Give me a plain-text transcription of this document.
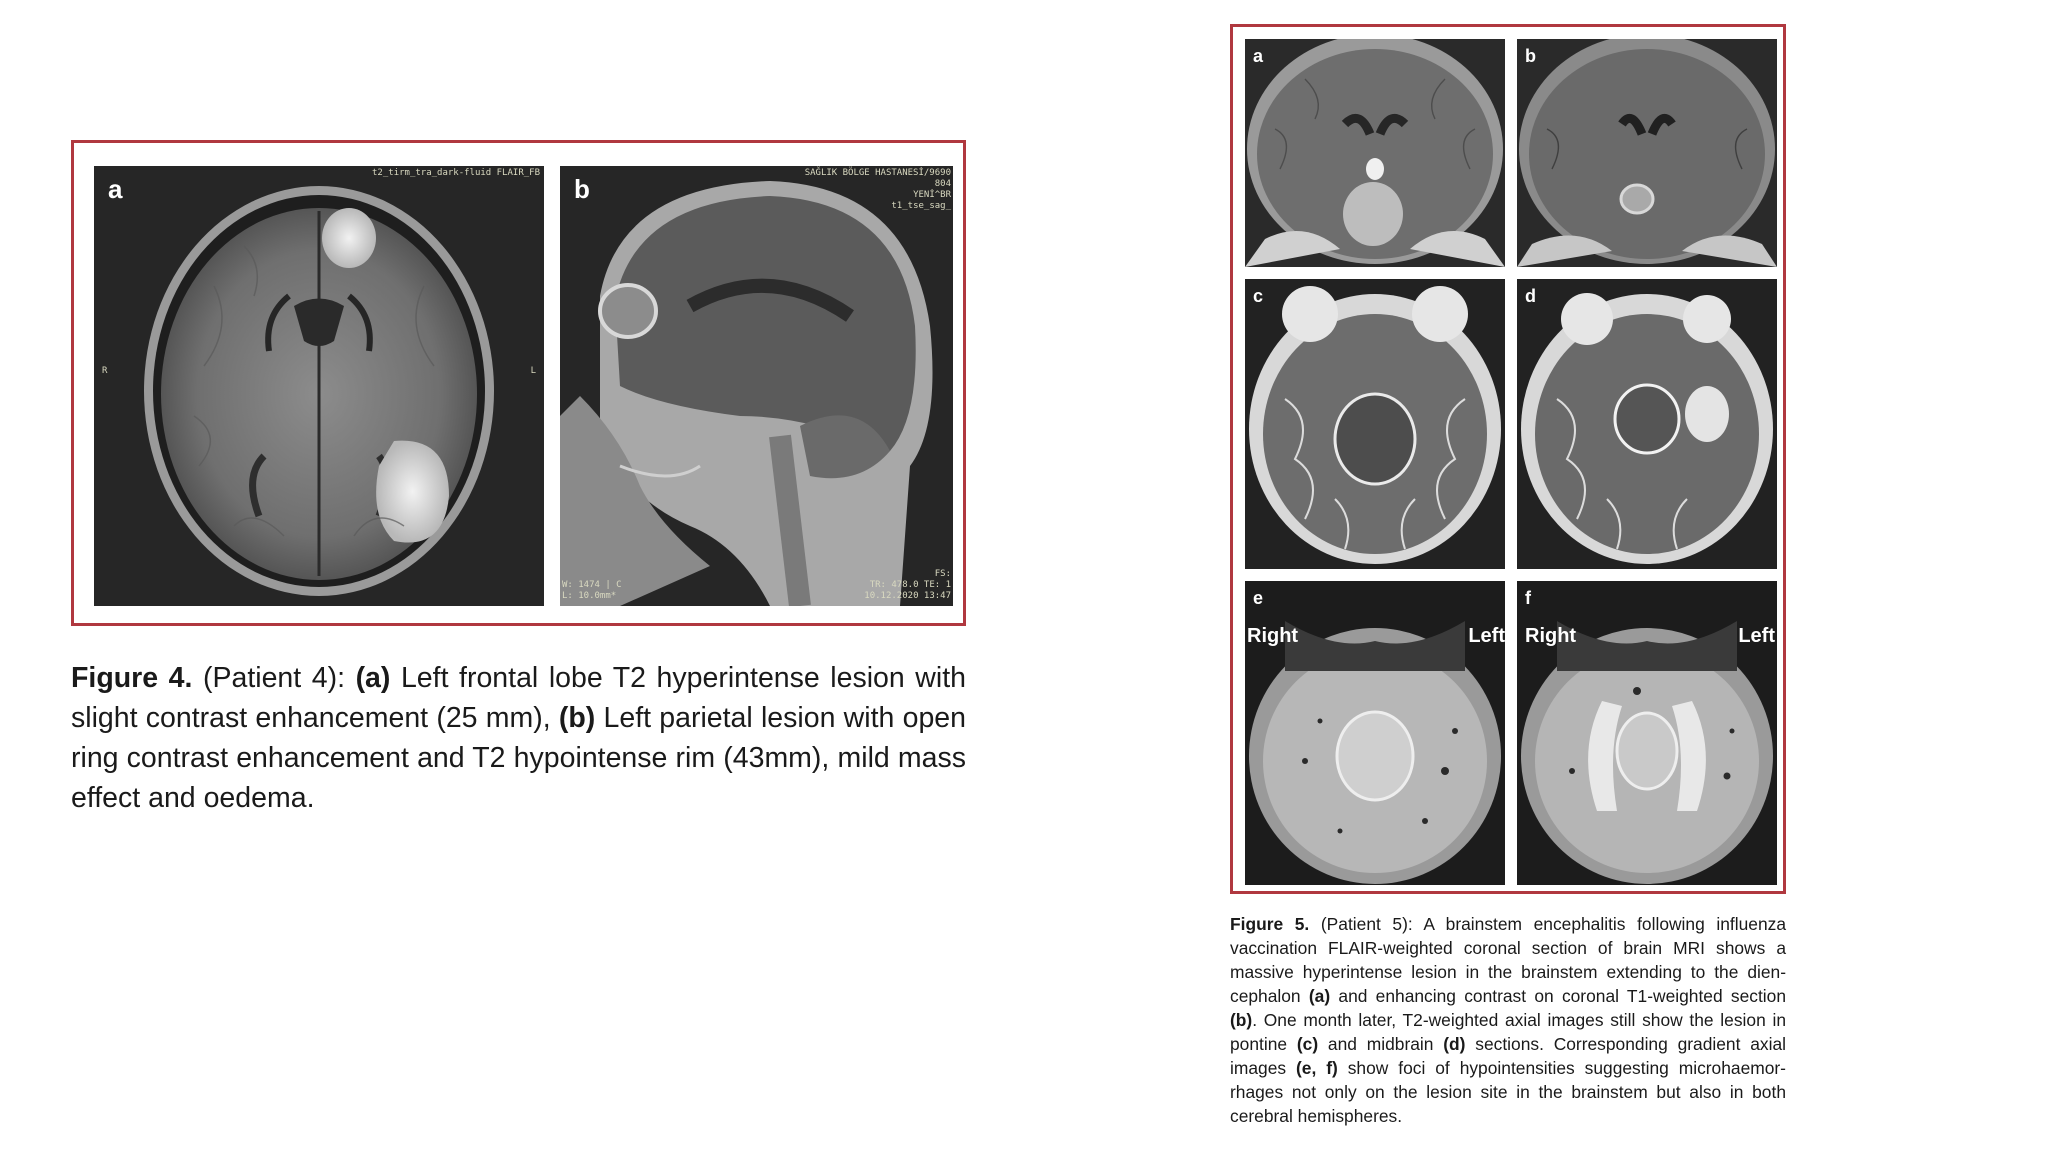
a
t2_tirm_tra_dark-fluid FLAIR_FB
R	L
b
SAĞLIK BÖLGE HASTANESİ/9690
804
YENİ^BR
t1_tse_sag_
W: 1474 | C
L: 10.0mm*
FS:
TR: 478.0 TE: 1
10.12.2020 13:47
Figure 4. (Patient 4): (a) Left frontal lobe T2 hyperintense lesion with slight contrast enhancement (25 mm), (b) Left parietal lesion with open ring contrast enhancement and T2 hypointense rim (43mm), mild mass effect and oedema.
a	b
c	d
e
Right	Left
f
Right	Left
Figure 5. (Patient 5): A brainstem encephalitis following influenza vaccination FLAIR-weighted coronal section of brain MRI shows a massive hyperintense lesion in the brainstem extending to the dien-cephalon (a) and enhancing contrast on coronal T1-weighted section (b). One month later, T2-weighted axial images still show the lesion in pontine (c) and midbrain (d) sections. Corresponding gradient axial images (e, f) show foci of hypointensities suggesting microhaemor-rhages not only on the lesion site in the brainstem but also in both cerebral hemispheres.
